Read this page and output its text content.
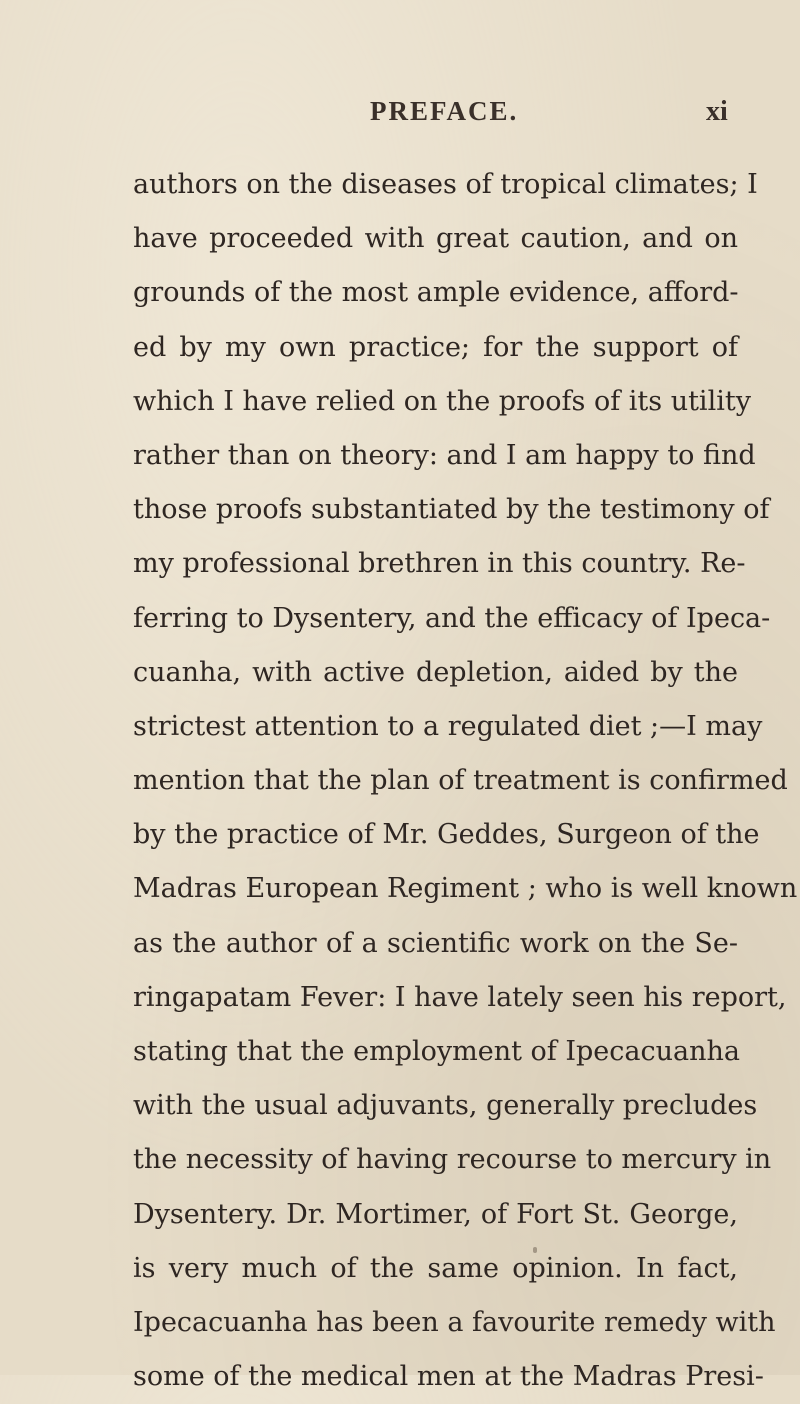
PREFACE.	xi
authors on the diseases of tropical climates; I
have proceeded with great caution, and on
grounds of the most ample evidence, afford-
ed by my own practice; for the support of
which I have relied on the proofs of its utility
rather than on theory: and I am happy to find
those proofs substantiated by the testimony of
my professional brethren in this country. Re-
ferring to Dysentery, and the efficacy of Ipeca-
cuanha, with active depletion, aided by the
strictest attention to a regulated diet ;—I may
mention that the plan of treatment is confirmed
by the practice of Mr. Geddes, Surgeon of the
Madras European Regiment ; who is well known
as the author of a scientific work on the Se-
ringapatam Fever: I have lately seen his report,
stating that the employment of Ipecacuanha
with the usual adjuvants, generally precludes
the necessity of having recourse to mercury in
Dysentery. Dr. Mortimer, of Fort St. George,
is very much of the same opinion. In fact,
Ipecacuanha has been a favourite remedy with
some of the medical men at the Madras Presi-
